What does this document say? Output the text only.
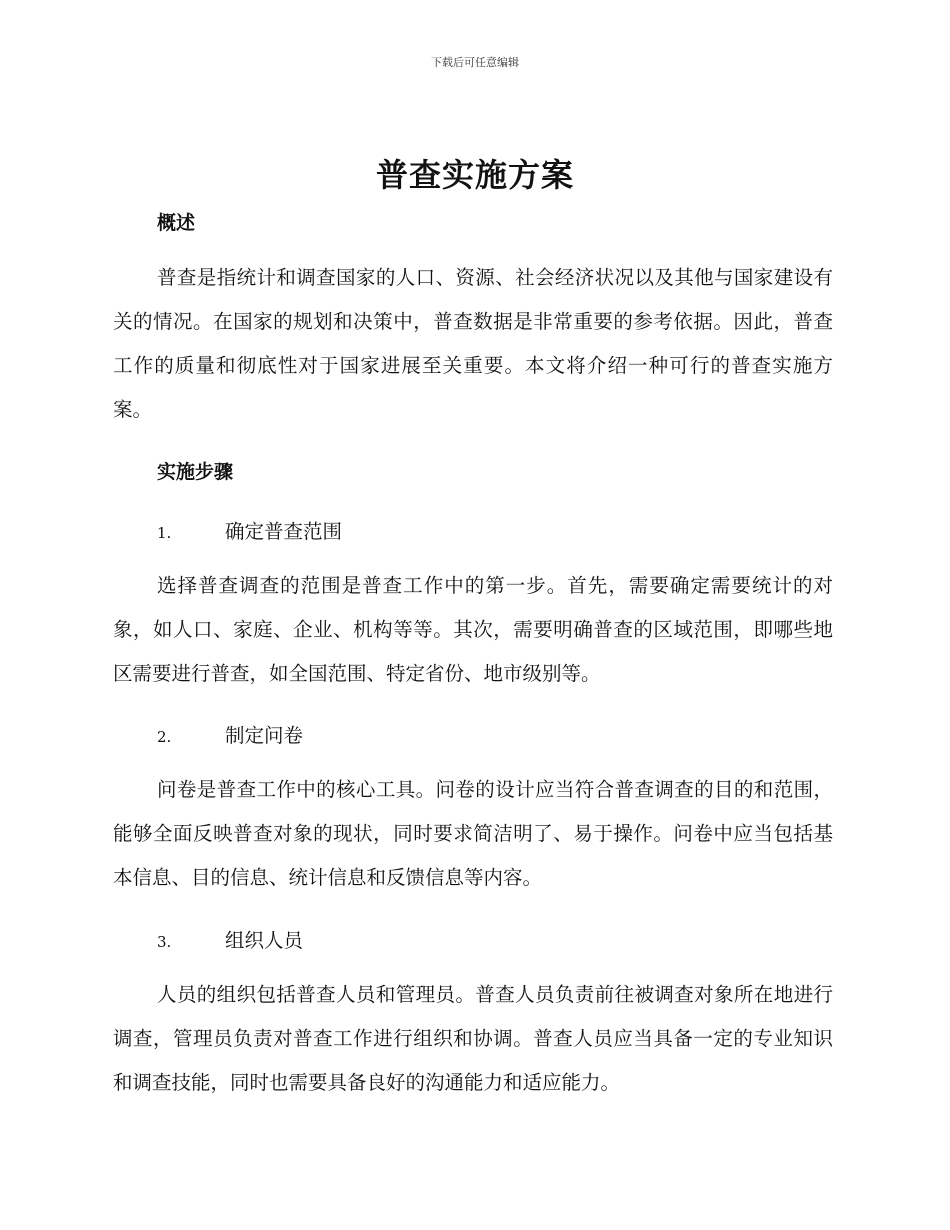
下载后可任意编辑
普查实施方案
概述

普查是指统计和调查国家的人口、资源、社会经济状况以及其他与国家建设有关的情况。在国家的规划和决策中，普查数据是非常重要的参考依据。因此，普查工作的质量和彻底性对于国家进展至关重要。本文将介绍一种可行的普查实施方案。

实施步骤
1.	确定普查范围

选择普查调查的范围是普查工作中的第一步。首先，需要确定需要统计的对象，如人口、家庭、企业、机构等等。其次，需要明确普查的区域范围，即哪些地区需要进行普查，如全国范围、特定省份、地市级别等。

2.	制定问卷

问卷是普查工作中的核心工具。问卷的设计应当符合普查调查的目的和范围，能够全面反映普查对象的现状，同时要求简洁明了、易于操作。问卷中应当包括基本信息、目的信息、统计信息和反馈信息等内容。

3.	组织人员

人员的组织包括普查人员和管理员。普查人员负责前往被调查对象所在地进行调查，管理员负责对普查工作进行组织和协调。普查人员应当具备一定的专业知识和调查技能，同时也需要具备良好的沟通能力和适应能力。
